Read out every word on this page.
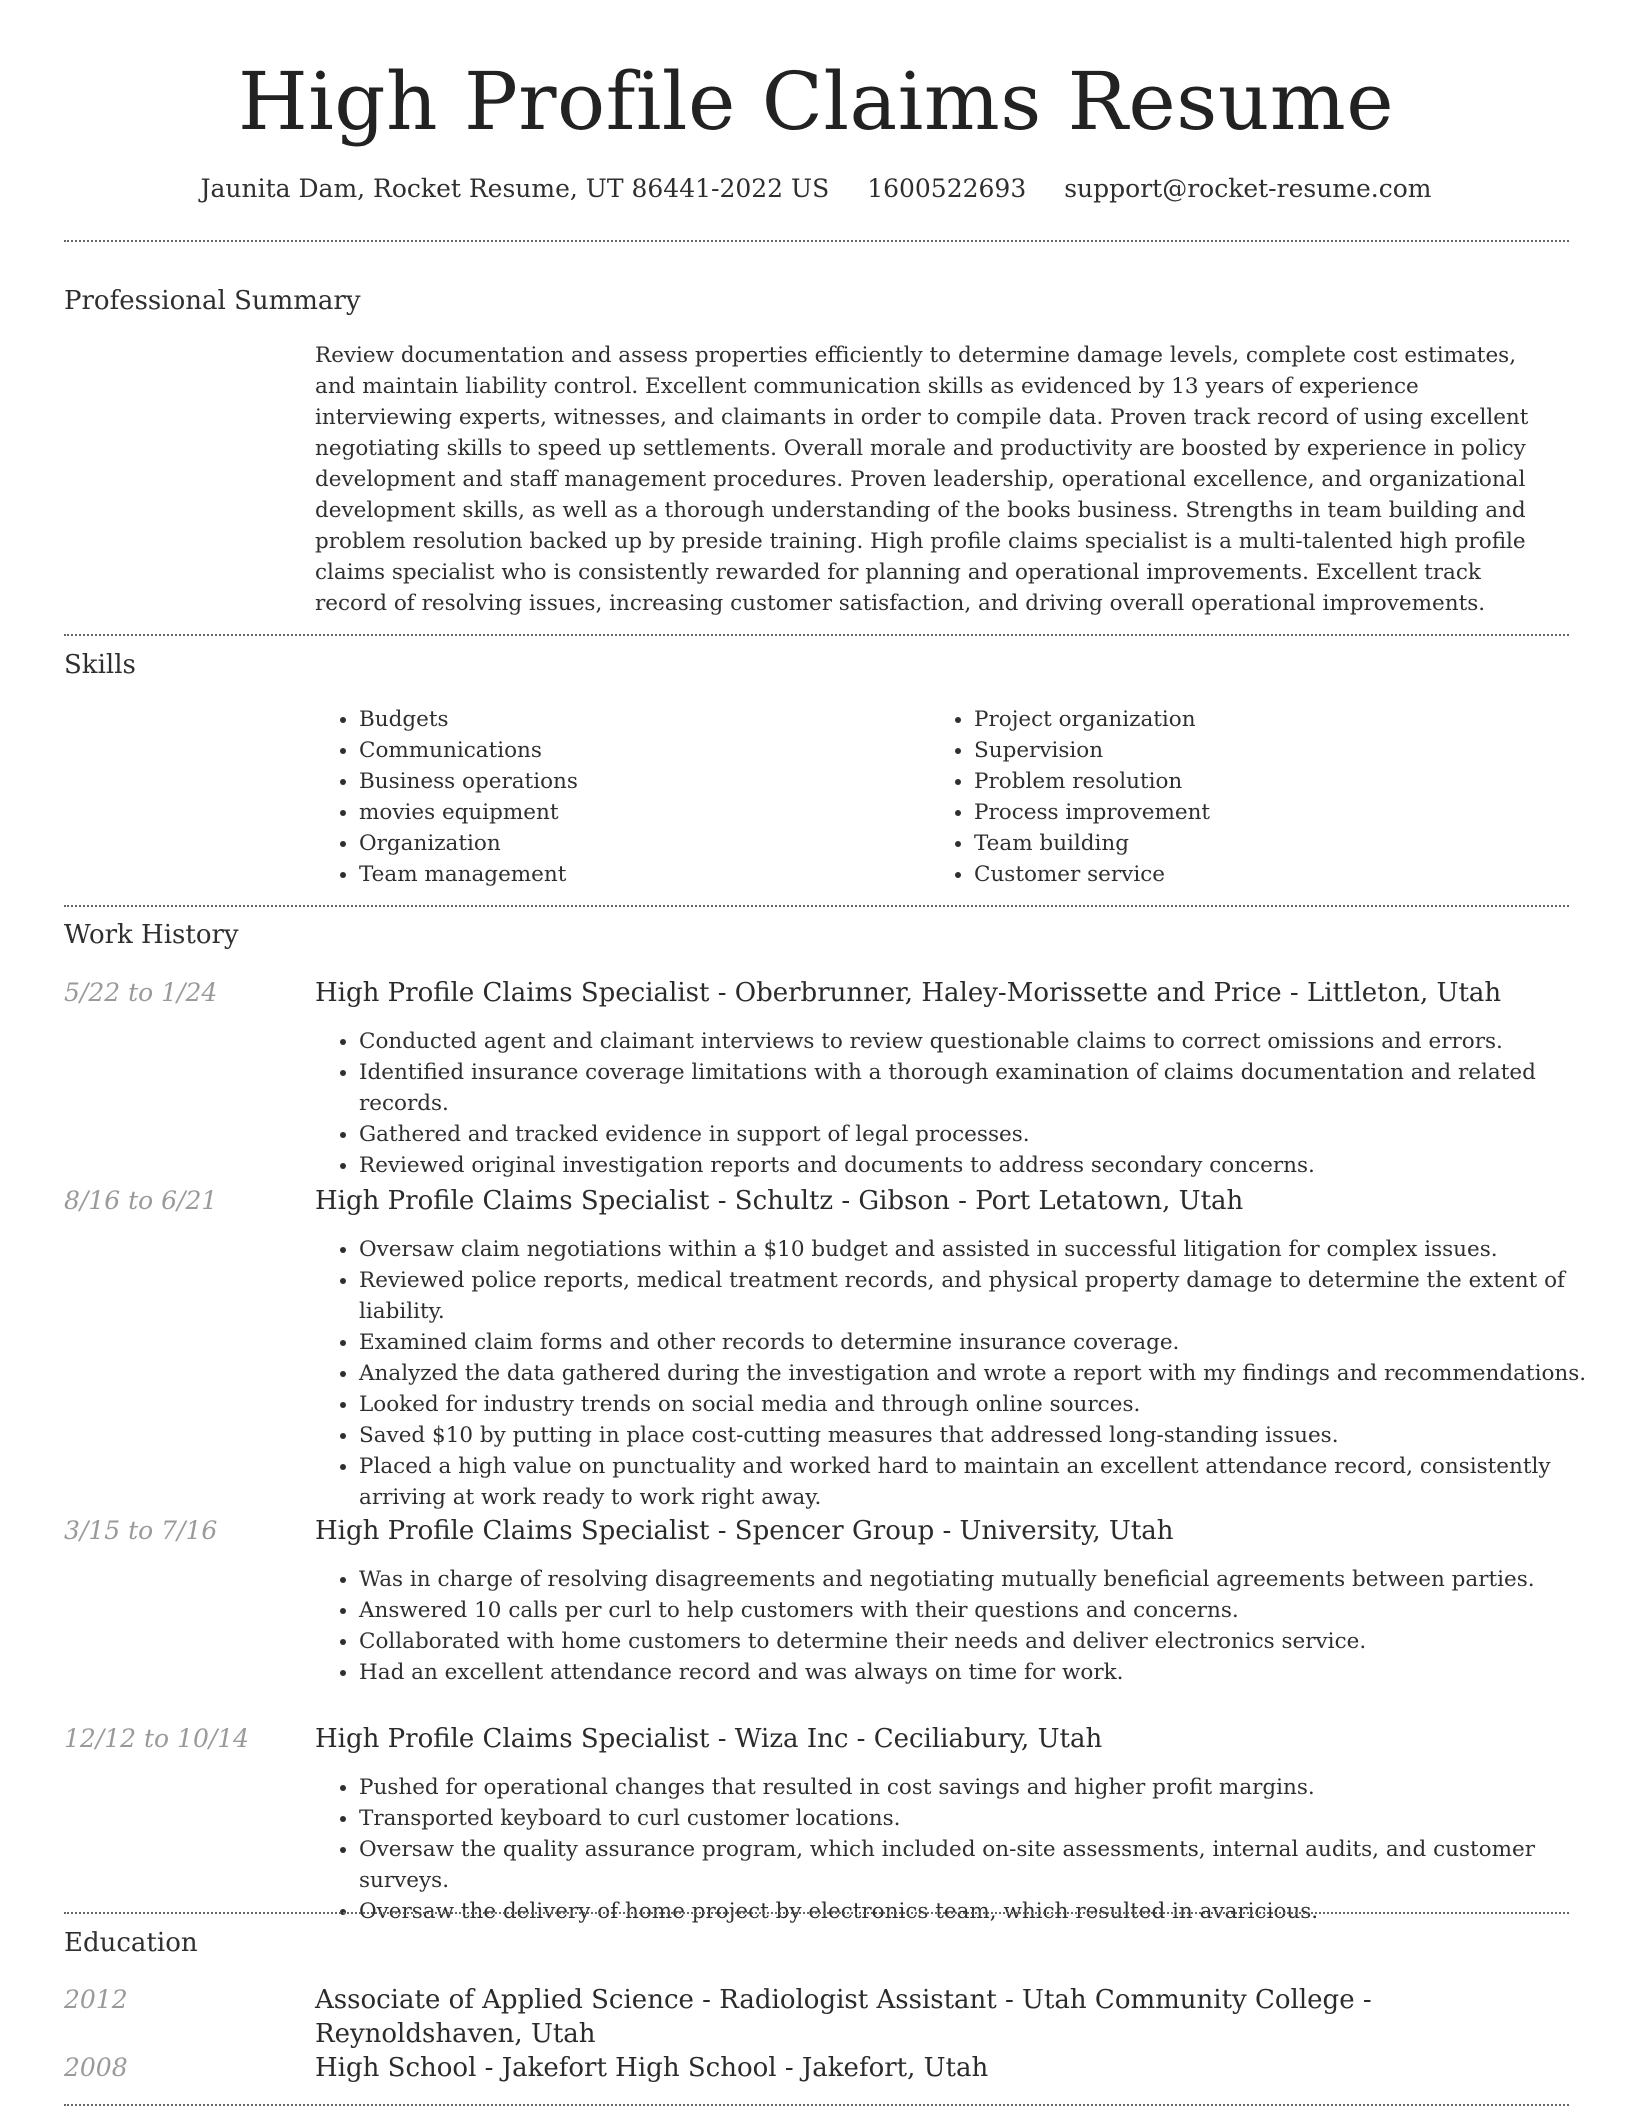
High Profile Claims Resume
Jaunita Dam, Rocket Resume, UT 86441-2022 US 1600522693 support@rocket-resume.com
Professional Summary
Review documentation and assess properties efficiently to determine damage levels, complete cost estimates, and maintain liability control. Excellent communication skills as evidenced by 13 years of experience interviewing experts, witnesses, and claimants in order to compile data. Proven track record of using excellent negotiating skills to speed up settlements. Overall morale and productivity are boosted by experience in policy development and staff management procedures. Proven leadership, operational excellence, and organizational development skills, as well as a thorough understanding of the books business. Strengths in team building and problem resolution backed up by preside training. High profile claims specialist is a multi-talented high profile claims specialist who is consistently rewarded for planning and operational improvements. Excellent track record of resolving issues, increasing customer satisfaction, and driving overall operational improvements.
Skills
• Budgets
• Communications
• Business operations
• movies equipment
• Organization
• Team management
• Project organization
• Supervision
• Problem resolution
• Process improvement
• Team building
• Customer service
Work History
5/22 to 1/24	High Profile Claims Specialist - Oberbrunner, Haley-Morissette and Price - Littleton, Utah
• Conducted agent and claimant interviews to review questionable claims to correct omissions and errors.
• Identified insurance coverage limitations with a thorough examination of claims documentation and related records.
• Gathered and tracked evidence in support of legal processes.
• Reviewed original investigation reports and documents to address secondary concerns.
8/16 to 6/21	High Profile Claims Specialist - Schultz - Gibson - Port Letatown, Utah
• Oversaw claim negotiations within a $10 budget and assisted in successful litigation for complex issues.
• Reviewed police reports, medical treatment records, and physical property damage to determine the extent of liability.
• Examined claim forms and other records to determine insurance coverage.
• Analyzed the data gathered during the investigation and wrote a report with my findings and recommendations.
• Looked for industry trends on social media and through online sources.
• Saved $10 by putting in place cost-cutting measures that addressed long-standing issues.
• Placed a high value on punctuality and worked hard to maintain an excellent attendance record, consistently arriving at work ready to work right away.
3/15 to 7/16	High Profile Claims Specialist - Spencer Group - University, Utah
• Was in charge of resolving disagreements and negotiating mutually beneficial agreements between parties.
• Answered 10 calls per curl to help customers with their questions and concerns.
• Collaborated with home customers to determine their needs and deliver electronics service.
• Had an excellent attendance record and was always on time for work.
12/12 to 10/14	High Profile Claims Specialist - Wiza Inc - Ceciliabury, Utah
• Pushed for operational changes that resulted in cost savings and higher profit margins.
• Transported keyboard to curl customer locations.
• Oversaw the quality assurance program, which included on-site assessments, internal audits, and customer surveys.
• Oversaw the delivery of home project by electronics team, which resulted in avaricious.
Education
2012	Associate of Applied Science - Radiologist Assistant - Utah Community College - Reynoldshaven, Utah
2008	High School - Jakefort High School - Jakefort, Utah
